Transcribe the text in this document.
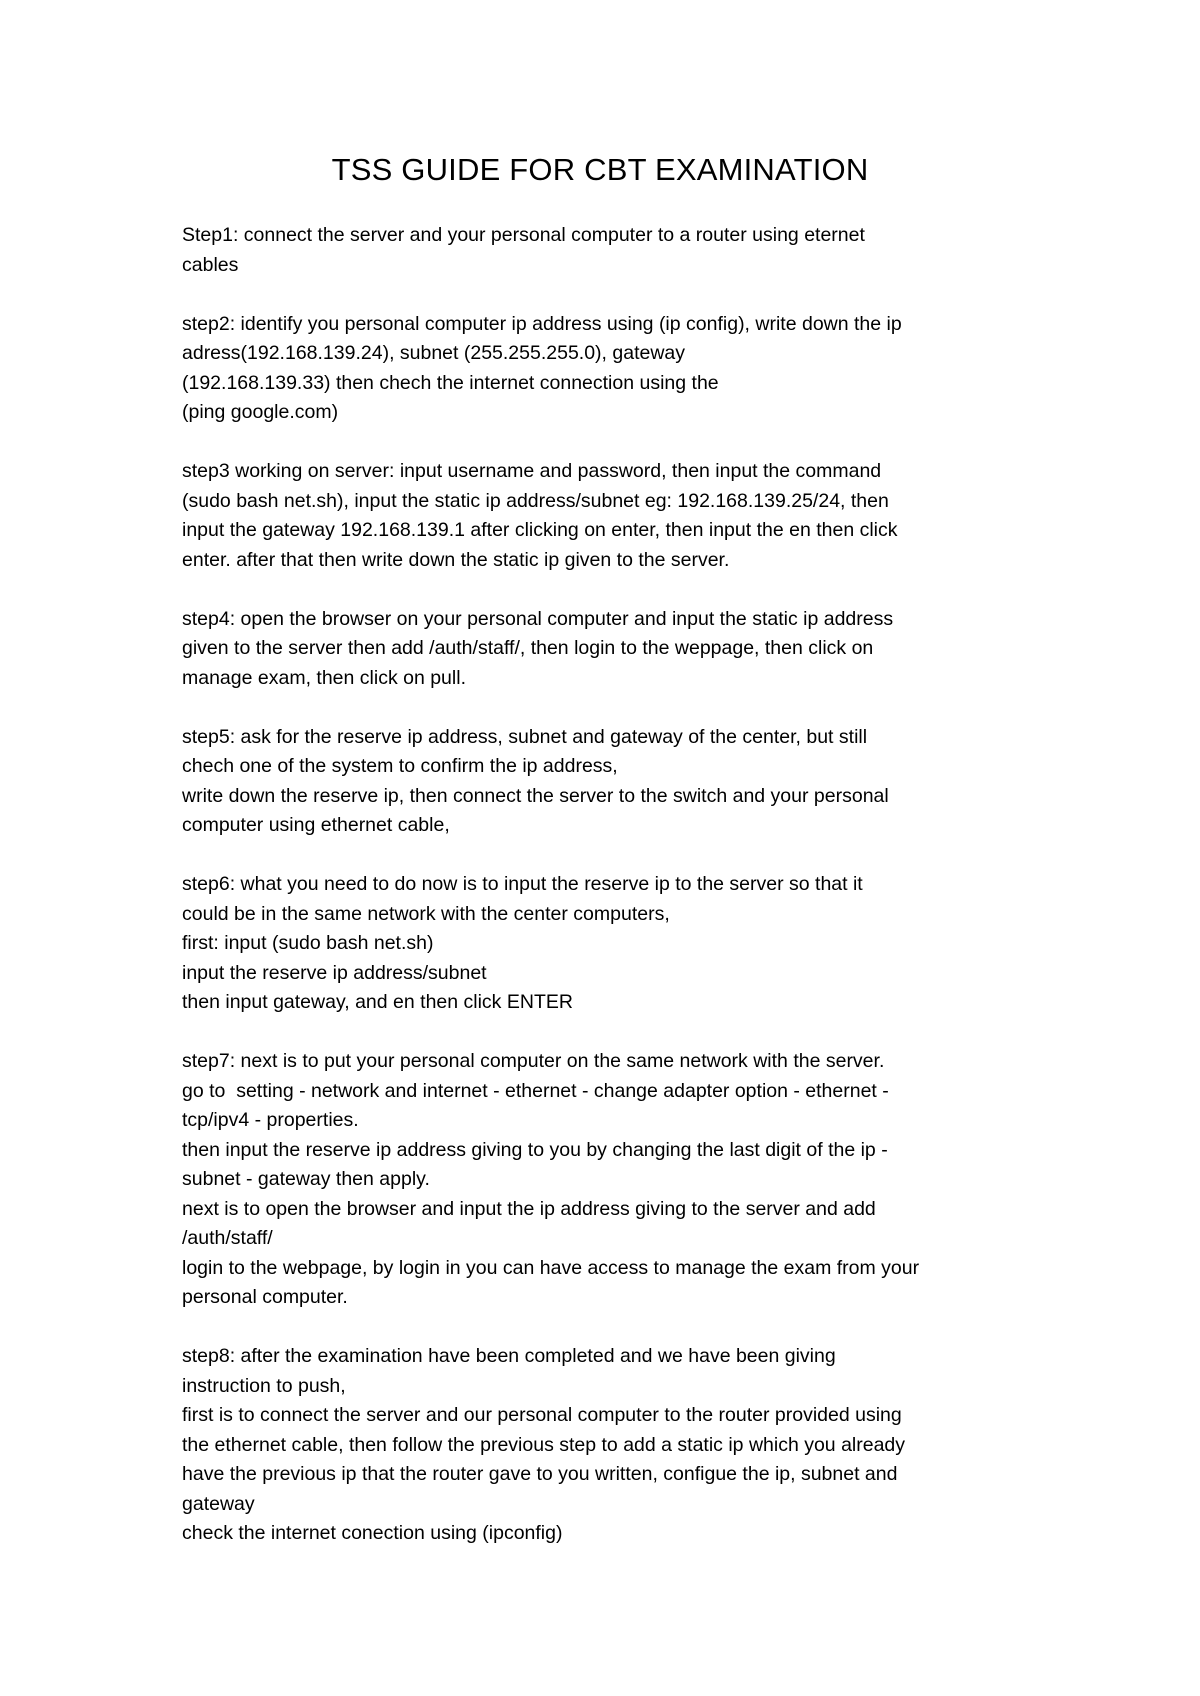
TSS GUIDE FOR CBT EXAMINATION
Step1: connect the server and your personal computer to a router using eternet
cables
step2: identify you personal computer ip address using (ip config), write down the ip
adress(192.168.139.24), subnet (255.255.255.0), gateway
(192.168.139.33) then chech the internet connection using the
(ping google.com)
step3 working on server: input username and password, then input the command
(sudo bash net.sh), input the static ip address/subnet eg: 192.168.139.25/24, then
input the gateway 192.168.139.1 after clicking on enter, then input the en then click
enter. after that then write down the static ip given to the server.
step4: open the browser on your personal computer and input the static ip address
given to the server then add /auth/staff/, then login to the weppage, then click on
manage exam, then click on pull.
step5: ask for the reserve ip address, subnet and gateway of the center, but still
chech one of the system to confirm the ip address,
write down the reserve ip, then connect the server to the switch and your personal
computer using ethernet cable,
step6: what you need to do now is to input the reserve ip to the server so that it
could be in the same network with the center computers,
first: input (sudo bash net.sh)
input the reserve ip address/subnet
then input gateway, and en then click ENTER
step7: next is to put your personal computer on the same network with the server.
go to  setting - network and internet - ethernet - change adapter option - ethernet -
tcp/ipv4 - properties.
then input the reserve ip address giving to you by changing the last digit of the ip -
subnet - gateway then apply.
next is to open the browser and input the ip address giving to the server and add
/auth/staff/
login to the webpage, by login in you can have access to manage the exam from your
personal computer.
step8: after the examination have been completed and we have been giving
instruction to push,
first is to connect the server and our personal computer to the router provided using
the ethernet cable, then follow the previous step to add a static ip which you already
have the previous ip that the router gave to you written, configue the ip, subnet and
gateway
check the internet conection using (ipconfig)
